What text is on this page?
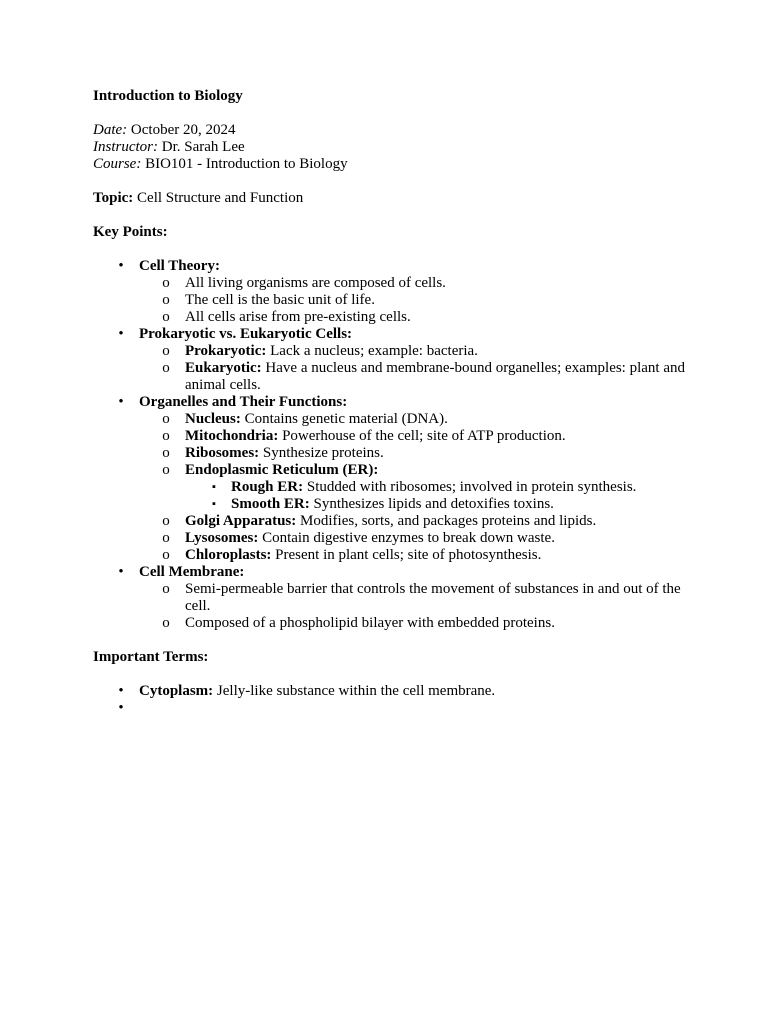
Introduction to Biology

Date: October 20, 2024

Instructor: Dr. Sarah Lee

Course: BIO101 - Introduction to Biology

Topic: Cell Structure and Function

Key Points:

• Cell Theory:
o All living organisms are composed of cells.
o The cell is the basic unit of life.
o All cells arise from pre-existing cells.
• Prokaryotic vs. Eukaryotic Cells:
o Prokaryotic: Lack a nucleus; example: bacteria.
o Eukaryotic: Have a nucleus and membrane-bound organelles; examples: plant and animal cells.
• Organelles and Their Functions:
o Nucleus: Contains genetic material (DNA).
o Mitochondria: Powerhouse of the cell; site of ATP production.
o Ribosomes: Synthesize proteins.
o Endoplasmic Reticulum (ER):
▪ Rough ER: Studded with ribosomes; involved in protein synthesis.
▪ Smooth ER: Synthesizes lipids and detoxifies toxins.
o Golgi Apparatus: Modifies, sorts, and packages proteins and lipids.
o Lysosomes: Contain digestive enzymes to break down waste.
o Chloroplasts: Present in plant cells; site of photosynthesis.
• Cell Membrane:
o Semi-permeable barrier that controls the movement of substances in and out of the cell.
o Composed of a phospholipid bilayer with embedded proteins.

Important Terms:

• Cytoplasm: Jelly-like substance within the cell membrane.
•
